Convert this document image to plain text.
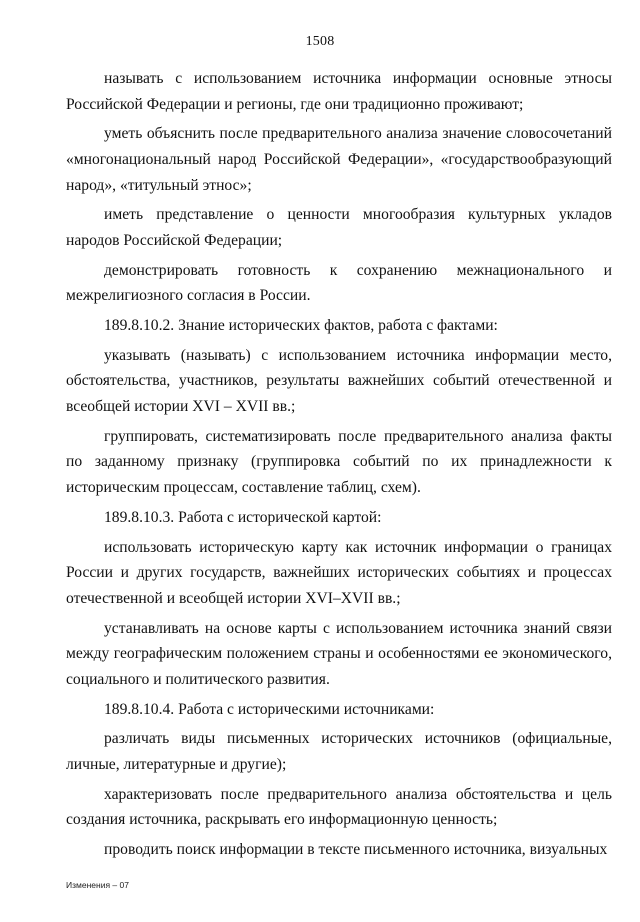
1508

называть с использованием источника информации основные этносы Российской Федерации и регионы, где они традиционно проживают;

уметь объяснить после предварительного анализа значение словосочетаний «многонациональный народ Российской Федерации», «государствообразующий народ», «титульный этнос»;

иметь представление о ценности многообразия культурных укладов народов Российской Федерации;

демонстрировать готовность к сохранению межнационального и межрелигиозного согласия в России.

189.8.10.2. Знание исторических фактов, работа с фактами:

указывать (называть) с использованием источника информации место, обстоятельства, участников, результаты важнейших событий отечественной и всеобщей истории XVI – XVII вв.;

группировать, систематизировать после предварительного анализа факты по заданному признаку (группировка событий по их принадлежности к историческим процессам, составление таблиц, схем).

189.8.10.3. Работа с исторической картой:

использовать историческую карту как источник информации о границах России и других государств, важнейших исторических событиях и процессах отечественной и всеобщей истории XVI–XVII вв.;

устанавливать на основе карты с использованием источника знаний связи между географическим положением страны и особенностями ее экономического, социального и политического развития.

189.8.10.4. Работа с историческими источниками:

различать виды письменных исторических источников (официальные, личные, литературные и другие);

характеризовать после предварительного анализа обстоятельства и цель создания источника, раскрывать его информационную ценность;

проводить поиск информации в тексте письменного источника, визуальных

Изменения – 07
